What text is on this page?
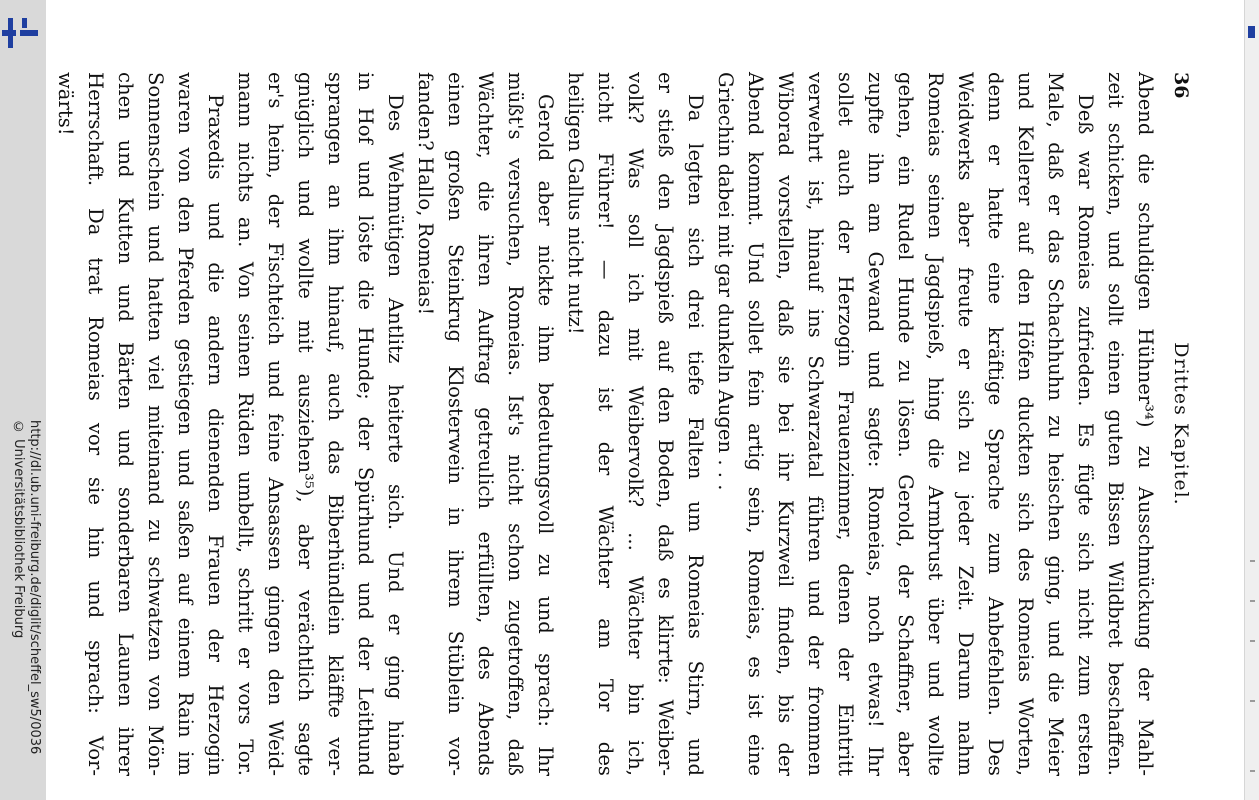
http://dl.ub.uni-freiburg.de/diglit/scheffel_sw5/0036
© Universitätsbibliothek Freiburg
36
Drittes Kapitel.
Abend die schuldigen Hühner³⁴) zu Ausschmückung der Mahl-
zeit schicken, und sollt einen guten Bissen Wildbret beschaffen.
Deß war Romeias zufrieden. Es fügte sich nicht zum ersten
Male, daß er das Schachhuhn zu heischen ging, und die Meier
und Kellerer auf den Höfen duckten sich des Romeias Worten,
denn er hatte eine kräftige Sprache zum Anbefehlen. Des
Weidwerks aber freute er sich zu jeder Zeit. Darum nahm
Romeias seinen Jagdspieß, hing die Armbrust über und wollte
gehen, ein Rudel Hunde zu lösen. Gerold, der Schaffner, aber
zupfte ihn am Gewand und sagte: Romeias, noch etwas! Ihr
sollet auch der Herzogin Frauenzimmer, denen der Eintritt
verwehrt ist, hinauf ins Schwarzatal führen und der frommen
Wiborad vorstellen, daß sie bei ihr Kurzweil finden, bis der
Abend kommt. Und sollet fein artig sein, Romeias, es ist eine
Griechin dabei mit gar dunkeln Augen . . .
Da legten sich drei tiefe Falten um Romeias Stirn, und
er stieß den Jagdspieß auf den Boden, daß es klirrte: Weiber-
volk? Was soll ich mit Weibervolk? ... Wächter bin ich,
nicht Führer! — dazu ist der Wächter am Tor des
heiligen Gallus nicht nutz!
Gerold aber nickte ihm bedeutungsvoll zu und sprach: Ihr
müßt's versuchen, Romeias. Ist's nicht schon zugetroffen, daß
Wächter, die ihren Auftrag getreulich erfüllten, des Abends
einen großen Steinkrug Klosterwein in ihrem Stüblein vor-
fanden? Hallo, Romeias!
Des Wehmütigen Antlitz heiterte sich. Und er ging hinab
in Hof und löste die Hunde; der Spürhund und der Leithund
sprangen an ihm hinauf, auch das Biberhündlein kläffte ver-
gnüglich und wollte mit ausziehen³⁵), aber verächtlich sagte
er's heim, der Fischteich und feine Ansassen gingen den Weid-
mann nichts an. Von seinen Rüden umbellt, schritt er vors Tor.
Praxedis und die andern dienenden Frauen der Herzogin
waren von den Pferden gestiegen und saßen auf einem Rain im
Sonnenschein und hatten viel miteinand zu schwatzen von Mön-
chen und Kutten und Bärten und sonderbaren Launen ihrer
Herrschaft. Da trat Romeias vor sie hin und sprach: Vor-
wärts!
